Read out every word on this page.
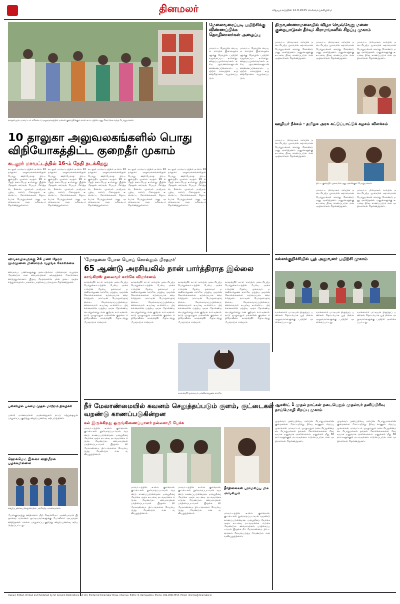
தினமலர்	விஜயநகரத்தின் 12.8.2025 செவ்வாய்க்கிழமை
காஞ்சிபுரம் மாவட்டம் கலெக்டர் அலுவலகத்தில் மக்கள் குறைதீர்க்கும் நாள் கூட்டத்தில் மனு கொடுக்க வந்த பொதுமக்கள்.
10 தாலுகா அலுவலகங்களில் பொது விநியோகத்திட்ட குறைதீர் முகாம்
கடலூர் மாவட்டத்தில் 16-ம் தேதி நடக்கிறது
கடலூர் மாவட்டத்தில் உள்ள 10 தாலுகா அலுவலகங்களிலும் பொது விநியோகத் திட்ட குறைதீர் முகாம் வரும் 16 ம் தேதி நடைபெற உள்ளது. இதில் ரேஷன் கார்டில் பெயர் சேர்த்தல், நீக்கல், முகவரி மாற்றம், புதிய கார்டு கோருதல் உள்ளிட்ட கோரிக்கைகள் தொடர்பாக பொதுமக்கள் மனு அளிக்கலாம் என கலெக்டர் தெரிவித்துள்ளார்.
கடலூர் மாவட்டத்தில் உள்ள 10 தாலுகா அலுவலகங்களிலும் பொது விநியோகத் திட்ட குறைதீர் முகாம் வரும் 16 ம் தேதி நடைபெற உள்ளது. இதில் ரேஷன் கார்டில் பெயர் சேர்த்தல், நீக்கல், முகவரி மாற்றம், புதிய கார்டு கோருதல் உள்ளிட்ட கோரிக்கைகள் தொடர்பாக பொதுமக்கள் மனு அளிக்கலாம் என கலெக்டர் தெரிவித்துள்ளார்.
கடலூர் மாவட்டத்தில் உள்ள 10 தாலுகா அலுவலகங்களிலும் பொது விநியோகத் திட்ட குறைதீர் முகாம் வரும் 16 ம் தேதி நடைபெற உள்ளது. இதில் ரேஷன் கார்டில் பெயர் சேர்த்தல், நீக்கல், முகவரி மாற்றம், புதிய கார்டு கோருதல் உள்ளிட்ட கோரிக்கைகள் தொடர்பாக பொதுமக்கள் மனு அளிக்கலாம் என கலெக்டர் தெரிவித்துள்ளார்.
கடலூர் மாவட்டத்தில் உள்ள 10 தாலுகா அலுவலகங்களிலும் பொது விநியோகத் திட்ட குறைதீர் முகாம் வரும் 16 ம் தேதி நடைபெற உள்ளது. இதில் ரேஷன் கார்டில் பெயர் சேர்த்தல், நீக்கல், முகவரி மாற்றம், புதிய கார்டு கோருதல் உள்ளிட்ட கோரிக்கைகள் தொடர்பாக பொதுமக்கள் மனு அளிக்கலாம் என கலெக்டர் தெரிவித்துள்ளார்.
கடலூர் மாவட்டத்தில் உள்ள 10 தாலுகா அலுவலகங்களிலும் பொது விநியோகத் திட்ட குறைதீர் முகாம் வரும் 16 ம் தேதி நடைபெற உள்ளது. இதில் ரேஷன் கார்டில் பெயர் சேர்த்தல், நீக்கல், முகவரி மாற்றம், புதிய கார்டு கோருதல் உள்ளிட்ட கோரிக்கைகள் தொடர்பாக பொதுமக்கள் மனு அளிக்கலாம் என கலெக்டர் தெரிவித்துள்ளார்.
மேலைவரைப்படி பயிற்சிக்கு விண்ணப்பிக்க தொழிலாளர்கள் அழைப்பு
மாவட்ட தொழில் மையம் சார்பில் இளைஞர்களுக்கு தொழில் பயிற்சி வழங்கப்பட உள்ளது. விருப்பமுள்ளவர்கள் உரிய ஆவணங்களுடன் விண்ணப்பிக்கலாம். பயிற்சி காலத்தில் உதவித்தொகை வழங்கப்படும்.
மாவட்ட தொழில் மையம் சார்பில் இளைஞர்களுக்கு தொழில் பயிற்சி வழங்கப்பட உள்ளது. விருப்பமுள்ளவர்கள் உரிய ஆவணங்களுடன் விண்ணப்பிக்கலாம். பயிற்சி காலத்தில் உதவித்தொகை வழங்கப்படும்.
திருவண்ணாமலையில் விழா வெவ்வேறு மனை குறைபாடுகள் தீர்வு: கிராமங்களில் சிறப்பு முகாம்
மாவட்ட நிர்வாகம் சார்பில் நடைபெற்ற முகாமில் ஏராளமான பொதுமக்கள் கலந்து கொண்டு மனு அளித்தனர். மனுக்களுக்கு உடனடி தீர்வு காணப்படும் என அதிகாரிகள் தெரிவித்தனர்.
மாவட்ட நிர்வாகம் சார்பில் நடைபெற்ற முகாமில் ஏராளமான பொதுமக்கள் கலந்து கொண்டு மனு அளித்தனர். மனுக்களுக்கு உடனடி தீர்வு காணப்படும் என அதிகாரிகள் தெரிவித்தனர்.
மாவட்ட நிர்வாகம் சார்பில் நடைபெற்ற முகாமில் ஏராளமான பொதுமக்கள் கலந்து கொண்டு மனு அளித்தனர். மனுக்களுக்கு உடனடி தீர்வு காணப்படும் என அதிகாரிகள் தெரிவித்தனர்.
ஊழியர் நீக்கம் - தமிழக அரசு கட்டுப்பாட்டுக் கழகம் விளக்கம்
திட்ட குறைதீர் முகாமில் மனு அளிக்கும் பொதுமக்கள்.
மாவட்ட நிர்வாகம் சார்பில் நடைபெற்ற முகாமில் ஏராளமான பொதுமக்கள் கலந்து கொண்டு மனு அளித்தனர். மனுக்களுக்கு உடனடி தீர்வு காணப்படும் என அதிகாரிகள் தெரிவித்தனர்.
மாவட்ட நிர்வாகம் சார்பில் நடைபெற்ற முகாமில் ஏராளமான பொதுமக்கள் கலந்து கொண்டு மனு அளித்தனர். மனுக்களுக்கு உடனடி தீர்வு காணப்படும் என அதிகாரிகள் தெரிவித்தனர்.
மாவட்ட நிர்வாகம் சார்பில் நடைபெற்ற முகாமில் ஏராளமான பொதுமக்கள் கலந்து கொண்டு மனு அளித்தனர். மனுக்களுக்கு உடனடி தீர்வு காணப்படும் என அதிகாரிகள் தெரிவித்தனர்.
கல்லக்குறிச்சியில் பூத் அலுவலர் பயிற்சி முகாம்
வாக்காளர் பட்டியல் திருத்தப் பணிகள் தொடர்பாக பூத் நிலை அலுவலர்களுக்கு பயிற்சி அளிக்கப்பட்டது.
வாக்காளர் பட்டியல் திருத்தப் பணிகள் தொடர்பாக பூத் நிலை அலுவலர்களுக்கு பயிற்சி அளிக்கப்பட்டது.
வாக்காளர் பட்டியல் திருத்தப் பணிகள் தொடர்பாக பூத் நிலை அலுவலர்களுக்கு பயிற்சி அளிக்கப்பட்டது.
விவசாயிகளுக்கு 24 மணி நேரம் மும்முனை மின்சாரம் வழங்க கோரிக்கை
விவசாய பணிகளுக்கு தடையில்லா மின்சாரம் வழங்க வேண்டும் என விவசாயிகள் சங்கத்தினர் கோரிக்கை விடுத்துள்ளனர். இரவு நேரங்களில் மின் தடை அதிகரித்துள்ளதால் பாசனம் பாதிக்கப்படுவதாக தெரிவித்தனர்.
பள்ளியில் பசுமை முதல் மாற்றம் நிகழ்ச்சி
பள்ளி மாணவர்கள் மரக்கன்றுகள் நட்டு சுற்றுச்சூழல் பாதுகாப்பு குறித்து விழிப்புணர்வு ஏற்படுத்தினர்.
'மோதலை போல பொய் சொல்லும் பிரதமர்'
65 ஆண்டு அரசியலில் நான் பார்த்திராத இல்லை
காங்கிரஸ் தலைவர் கார்கே விமர்சனம்
காங்கிரஸ் கட்சி சார்பில் நடைபெற்ற பொதுக்கூட்டத்தில் பேசிய அக்கட்சியின் தேசிய தலைவர் மல்லிகார்ஜுன கார்கே, மத்திய அரசின் கொள்கைகளை கடுமையாக விமர்சித்தார். நாட்டின் பொருளாதார நிலை, வேலைவாய்ப்பின்மை, விலைவாசி உயர்வு உள்ளிட்ட பிரச்னைகளில் மத்திய அரசு தோல்வியடைந்துள்ளது என குற்றம் சாட்டினார். நாடு முழுவதும் மக்களின் குரலை எதிரொலிக்க காங்கிரஸ் தொடர்ந்து போராடும் என்றார்.
காங்கிரஸ் கட்சி சார்பில் நடைபெற்ற பொதுக்கூட்டத்தில் பேசிய அக்கட்சியின் தேசிய தலைவர் மல்லிகார்ஜுன கார்கே, மத்திய அரசின் கொள்கைகளை கடுமையாக விமர்சித்தார். நாட்டின் பொருளாதார நிலை, வேலைவாய்ப்பின்மை, விலைவாசி உயர்வு உள்ளிட்ட பிரச்னைகளில் மத்திய அரசு தோல்வியடைந்துள்ளது என குற்றம் சாட்டினார். நாடு முழுவதும் மக்களின் குரலை எதிரொலிக்க காங்கிரஸ் தொடர்ந்து போராடும் என்றார்.
காங்கிரஸ் கட்சி சார்பில் நடைபெற்ற பொதுக்கூட்டத்தில் பேசிய அக்கட்சியின் தேசிய தலைவர் மல்லிகார்ஜுன கார்கே, மத்திய அரசின் கொள்கைகளை கடுமையாக விமர்சித்தார். நாட்டின் பொருளாதார நிலை, வேலைவாய்ப்பின்மை, விலைவாசி உயர்வு உள்ளிட்ட பிரச்னைகளில் மத்திய அரசு தோல்வியடைந்துள்ளது என குற்றம் சாட்டினார். நாடு முழுவதும் மக்களின் குரலை எதிரொலிக்க காங்கிரஸ் தொடர்ந்து போராடும் என்றார்.
காங்கிரஸ் கட்சி சார்பில் நடைபெற்ற பொதுக்கூட்டத்தில் பேசிய அக்கட்சியின் தேசிய தலைவர் மல்லிகார்ஜுன கார்கே, மத்திய அரசின் கொள்கைகளை கடுமையாக விமர்சித்தார். நாட்டின் பொருளாதார நிலை, வேலைவாய்ப்பின்மை, விலைவாசி உயர்வு உள்ளிட்ட பிரச்னைகளில் மத்திய அரசு தோல்வியடைந்துள்ளது என குற்றம் சாட்டினார். நாடு முழுவதும் மக்களின் குரலை எதிரொலிக்க காங்கிரஸ் தொடர்ந்து போராடும் என்றார்.
காங்கிரஸ் தலைவர் மல்லிகார்ஜுன கார்கே
நீர் மேலாண்மையில் கவனம் செலுத்தப்படும் குளம், குட்டைகள் வறண்டு காணப்படுகின்றன
கல் இருக்கிறது ஒருங்கிணைப்பாளர் நல்லசாமி பேச்சு
மாவட்டத்தில் உள்ள குளங்கள், குட்டைகள் தூர்வாரப்படாமல் வறண்டு காணப்படுகின்றன. மழைநீரை சேமிக்க அரசு உடனடி நடவடிக்கை எடுக்க வேண்டும். விவசாயிகள் பாதிக்கப்படாமல் இருக்க நீர் மேலாண்மை திட்டங்களை செயல்படுத்த வேண்டும் என வலியுறுத்தினார்.
மாவட்டத்தில் உள்ள குளங்கள், குட்டைகள் தூர்வாரப்படாமல் வறண்டு காணப்படுகின்றன. மழைநீரை சேமிக்க அரசு உடனடி நடவடிக்கை எடுக்க வேண்டும். விவசாயிகள் பாதிக்கப்படாமல் இருக்க நீர் மேலாண்மை திட்டங்களை செயல்படுத்த வேண்டும் என வலியுறுத்தினார்.
மாவட்டத்தில் உள்ள குளங்கள், குட்டைகள் தூர்வாரப்படாமல் வறண்டு காணப்படுகின்றன. மழைநீரை சேமிக்க அரசு உடனடி நடவடிக்கை எடுக்க வேண்டும். விவசாயிகள் பாதிக்கப்படாமல் இருக்க நீர் மேலாண்மை திட்டங்களை செயல்படுத்த வேண்டும் என வலியுறுத்தினார்.
நீர்நிலைகள் பராமரிப்பு மிக அவசியம்
மாவட்டத்தில் உள்ள குளங்கள், குட்டைகள் தூர்வாரப்படாமல் வறண்டு காணப்படுகின்றன. மழைநீரை சேமிக்க அரசு உடனடி நடவடிக்கை எடுக்க வேண்டும். விவசாயிகள் பாதிக்கப்படாமல் இருக்க நீர் மேலாண்மை திட்டங்களை செயல்படுத்த வேண்டும் என வலியுறுத்தினார்.
ஹெல்மெட் இல்லா விதிமீறல் பழக்கமில்லை
விழிப்புணர்வு நிகழ்ச்சியில் பங்கேற்ற மாணவர்கள்.
போக்குவரத்து விதிகளை மீறி ஹெல்மெட் அணியாமல் இருசக்கர வாகனம் ஓட்டியவர்களுக்கு போலீசார் அபராதம் விதித்தனர். சாலை பாதுகாப்பு குறித்து விழிப்புணர்வு ஏற்படுத்தப்பட்டது.
ஆகஸ்ட் 1 முதல் நாட்கள் நடைபெறும் முதல்வர் தனிப்பிரிவு தாய்மொழி சிறப்பு முகாம்
முதல்வர் தனிப்பிரிவு சார்பில் பொதுமக்களின் குறைகளை கேட்டறிந்து தீர்வு காணும் சிறப்பு முகாம்கள் மாவட்டம் முழுவதும் நடைபெறுகின்றன. பொதுமக்கள் தங்கள் கோரிக்கைகளை நேரடியாக மனுவாக அளிக்கலாம். மனுக்கள் மீது 30 நாட்களுக்குள் நடவடிக்கை எடுக்கப்படும் என அதிகாரிகள் தெரிவித்தனர்.
முதல்வர் தனிப்பிரிவு சார்பில் பொதுமக்களின் குறைகளை கேட்டறிந்து தீர்வு காணும் சிறப்பு முகாம்கள் மாவட்டம் முழுவதும் நடைபெறுகின்றன. பொதுமக்கள் தங்கள் கோரிக்கைகளை நேரடியாக மனுவாக அளிக்கலாம். மனுக்கள் மீது 30 நாட்களுக்குள் நடவடிக்கை எடுக்கப்படும் என அதிகாரிகள் தெரிவித்தனர்.
Owned, Edited, Printed and Published by Sri Aravind Publications Pvt Ltd. Printed at Dinamalar Press, Chennai. Editor: R. Ramasubbu. Phone: 044-28413553. Email: dmrcbe@dinamalar.in
